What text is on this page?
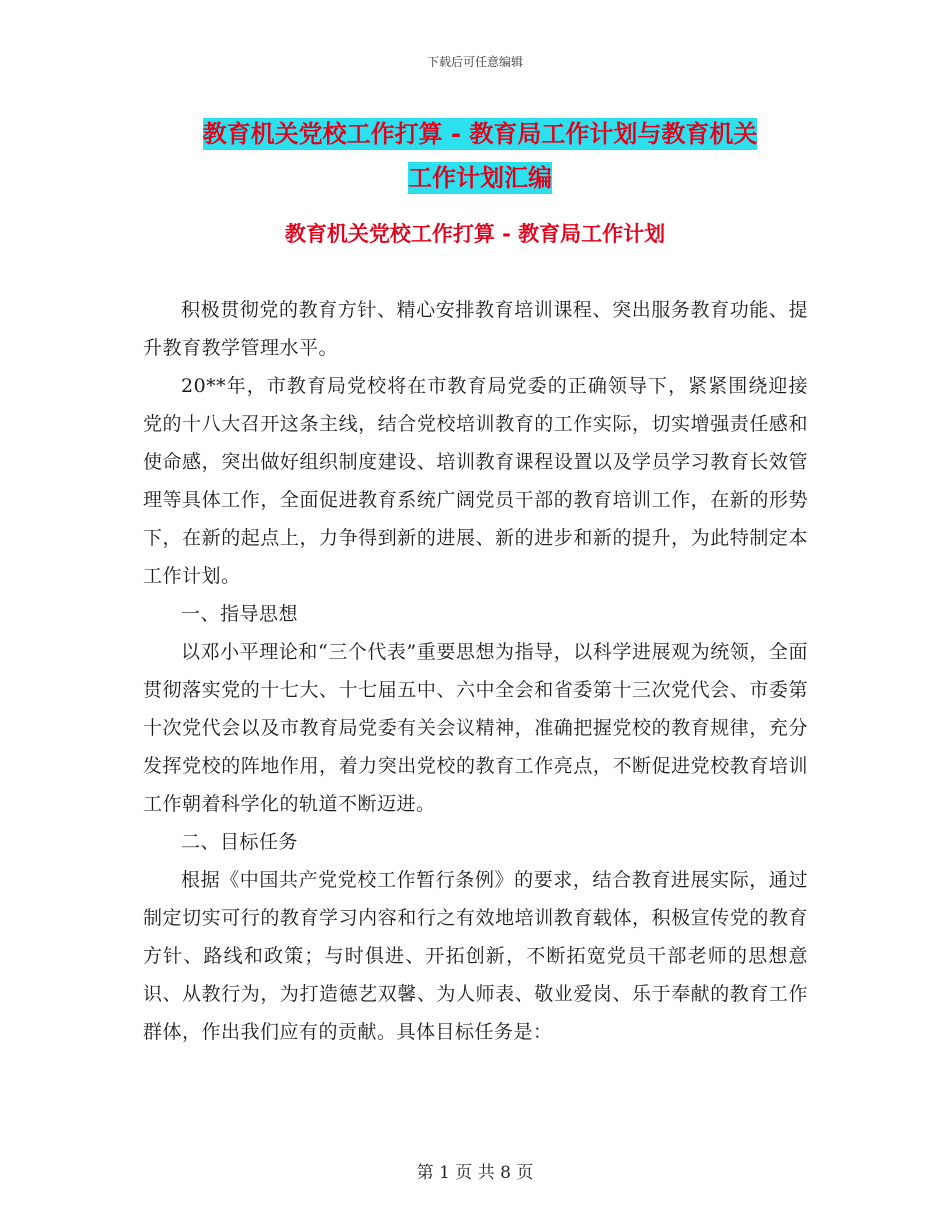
下载后可任意编辑
教育机关党校工作打算 - 教育局工作计划与教育机关
工作计划汇编
教育机关党校工作打算 - 教育局工作计划

积极贯彻党的教育方针、精心安排教育培训课程、突出服务教育功能、提升教育教学管理水平。

20**年，市教育局党校将在市教育局党委的正确领导下，紧紧围绕迎接党的十八大召开这条主线，结合党校培训教育的工作实际，切实增强责任感和使命感，突出做好组织制度建设、培训教育课程设置以及学员学习教育长效管理等具体工作，全面促进教育系统广阔党员干部的教育培训工作，在新的形势下，在新的起点上，力争得到新的进展、新的进步和新的提升，为此特制定本工作计划。

一、指导思想

以邓小平理论和“三个代表”重要思想为指导，以科学进展观为统领，全面贯彻落实党的十七大、十七届五中、六中全会和省委第十三次党代会、市委第十次党代会以及市教育局党委有关会议精神，准确把握党校的教育规律，充分发挥党校的阵地作用，着力突出党校的教育工作亮点，不断促进党校教育培训工作朝着科学化的轨道不断迈进。

二、目标任务

根据《中国共产党党校工作暂行条例》的要求，结合教育进展实际，通过制定切实可行的教育学习内容和行之有效地培训教育载体，积极宣传党的教育方针、路线和政策；与时俱进、开拓创新，不断拓宽党员干部老师的思想意识、从教行为，为打造德艺双馨、为人师表、敬业爱岗、乐于奉献的教育工作群体，作出我们应有的贡献。具体目标任务是：

第 1 页 共 8 页
